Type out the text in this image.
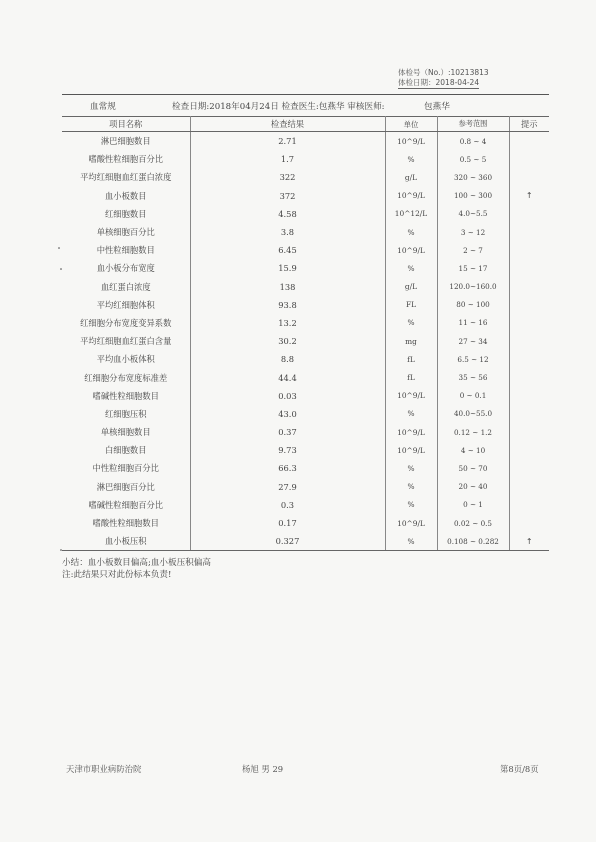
体检号（No.）:10213813
体检日期：2018-04-24
血常规	检查日期:2018年04月24日 检查医生:包燕华 审核医师:	包燕华
项目名称	检查结果	单位	参考范围	提示
淋巴细胞数目	2.71	10^9/L	0.8 ~ 4	
嗜酸性粒细胞百分比	1.7	%	0.5 ~ 5	
平均红细胞血红蛋白浓度	322	g/L	320 ~ 360	
血小板数目	372	10^9/L	100 ~ 300	↑
红细胞数目	4.58	10^12/L	4.0~5.5	
单核细胞百分比	3.8	%	3 ~ 12	
中性粒细胞数目	6.45	10^9/L	2 ~ 7	
血小板分布宽度	15.9	%	15 ~ 17	
血红蛋白浓度	138	g/L	120.0~160.0	
平均红细胞体积	93.8	FL	80 ~ 100	
红细胞分布宽度变异系数	13.2	%	11 ~ 16	
平均红细胞血红蛋白含量	30.2	mg	27 ~ 34	
平均血小板体积	8.8	fL	6.5 ~ 12	
红细胞分布宽度标准差	44.4	fL	35 ~ 56	
嗜碱性粒细胞数目	0.03	10^9/L	0 ~ 0.1	
红细胞压积	43.0	%	40.0~55.0	
单核细胞数目	0.37	10^9/L	0.12 ~ 1.2	
白细胞数目	9.73	10^9/L	4 ~ 10	
中性粒细胞百分比	66.3	%	50 ~ 70	
淋巴细胞百分比	27.9	%	20 ~ 40	
嗜碱性粒细胞百分比	0.3	%	0 ~ 1	
嗜酸性粒细胞数目	0.17	10^9/L	0.02 ~ 0.5	
血小板压积	0.327	%	0.108 ~ 0.282	↑
小结：血小板数目偏高;血小板压积偏高
注:此结果只对此份标本负责!
天津市职业病防治院	杨旭 男 29	第8页/8页
